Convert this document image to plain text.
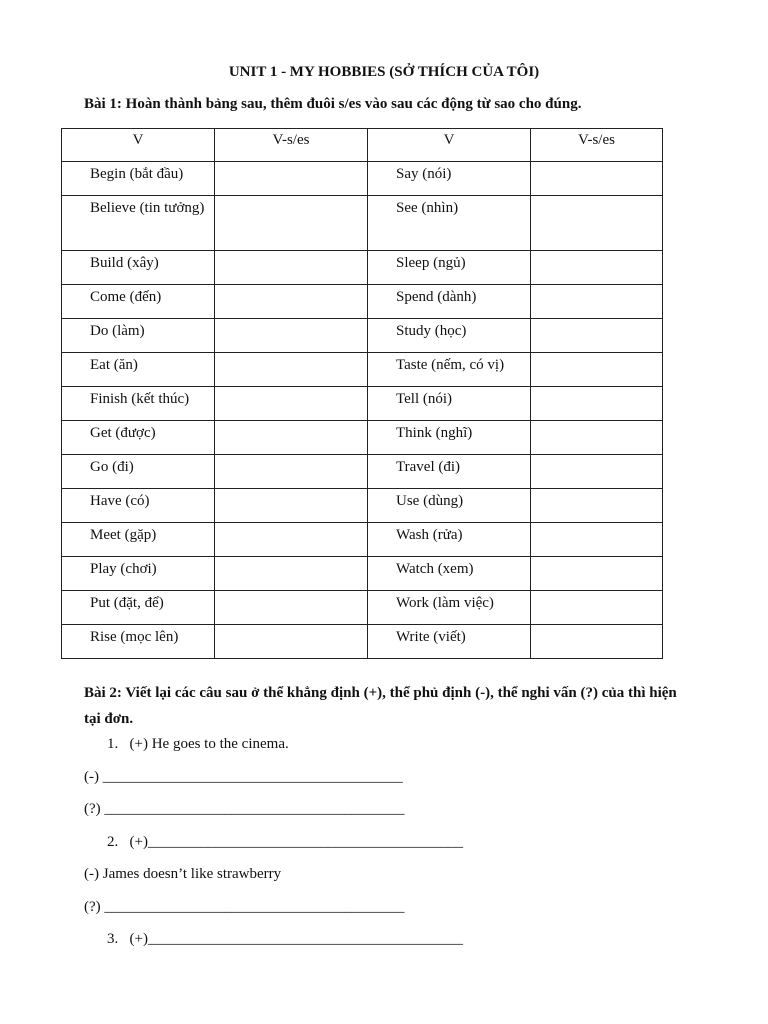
UNIT 1 - MY HOBBIES (SỞ THÍCH CỦA TÔI)
Bài 1: Hoàn thành bảng sau, thêm đuôi s/es vào sau các động từ sao cho đúng.
V	V-s/es	V	V-s/es
Begin (bắt đầu)		Say (nói)	
Believe (tin tưởng)		See (nhìn)	
Build (xây)		Sleep (ngủ)	
Come (đến)		Spend (dành)	
Do (làm)		Study (học)	
Eat (ăn)		Taste (nếm, có vị)	
Finish (kết thúc)		Tell (nói)	
Get (được)		Think (nghĩ)	
Go (đi)		Travel (đi)	
Have (có)		Use (dùng)	
Meet (gặp)		Wash (rửa)	
Play (chơi)		Watch (xem)	
Put (đặt, để)		Work (làm việc)	
Rise (mọc lên)		Write (viết)	
Bài 2: Viết lại các câu sau ở thể khẳng định (+), thể phủ định (-), thể nghi vấn (?) của thì hiện tại đơn.
1.   (+) He goes to the cinema.
(-) ________________________________________
(?) ________________________________________
2.   (+)__________________________________________
(-) James doesn’t like strawberry
(?) ________________________________________
3.   (+)__________________________________________
